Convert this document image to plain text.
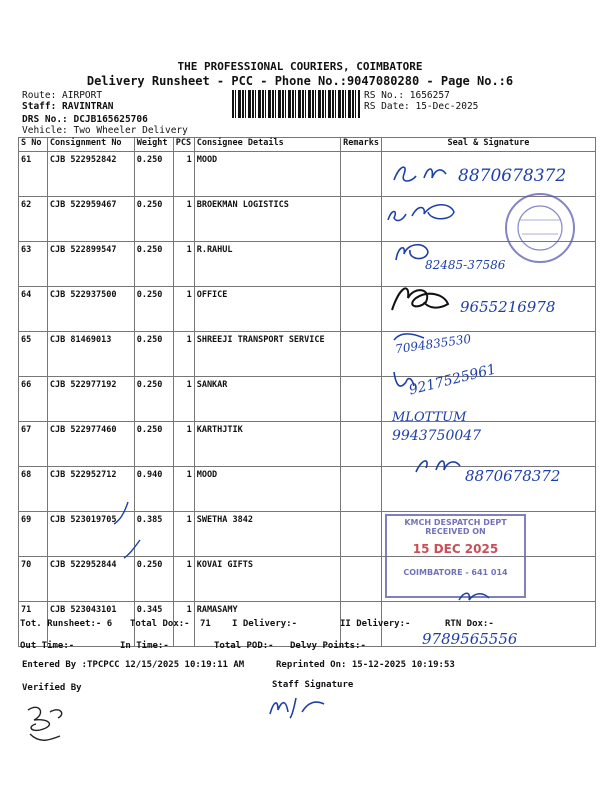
THE PROFESSIONAL COURIERS, COIMBATORE
Delivery Runsheet - PCC - Phone No.:9047080280 - Page No.:6
Route: AIRPORT
Staff: RAVINTRAN
DRS No.: DCJB165625706
Vehicle: Two Wheeler Delivery
RS No.: 1656257
RS Date: 15-Dec-2025
S No	Consignment No	Weight	PCS	Consignee Details	Remarks	Seal & Signature
61	CJB 522952842	0.250	1	MOOD		
62	CJB 522959467	0.250	1	BROEKMAN LOGISTICS		
63	CJB 522899547	0.250	1	R.RAHUL		
64	CJB 522937500	0.250	1	OFFICE		
65	CJB 81469013	0.250	1	SHREEJI TRANSPORT SERVICE		
66	CJB 522977192	0.250	1	SANKAR		
67	CJB 522977460	0.250	1	KARTHJTIK		
68	CJB 522952712	0.940	1	MOOD		
69	CJB 523019705	0.385	1	SWETHA 3842		
70	CJB 522952844	0.250	1	KOVAI GIFTS		
71	CJB 523043101	0.345	1	RAMASAMY		
8870678372
82485-37586
9655216978
7094835530
9217525961
MLOTTUM
9943750047
8870678372
KMCH DESPATCH DEPT
RECEIVED ON
15 DEC 2025
COIMBATORE - 641 014
Tot. Runsheet:- 6 Total Dox:- 71 I Delivery:-	II Delivery:-	RTN Dox:-
Out Time:-	In Time:-	Total POD:- Delvy Points:-	9789565556
Entered By :TPCPCC 12/15/2025 10:19:11 AM	Reprinted On: 15-12-2025 10:19:53
Verified By	Staff Signature
